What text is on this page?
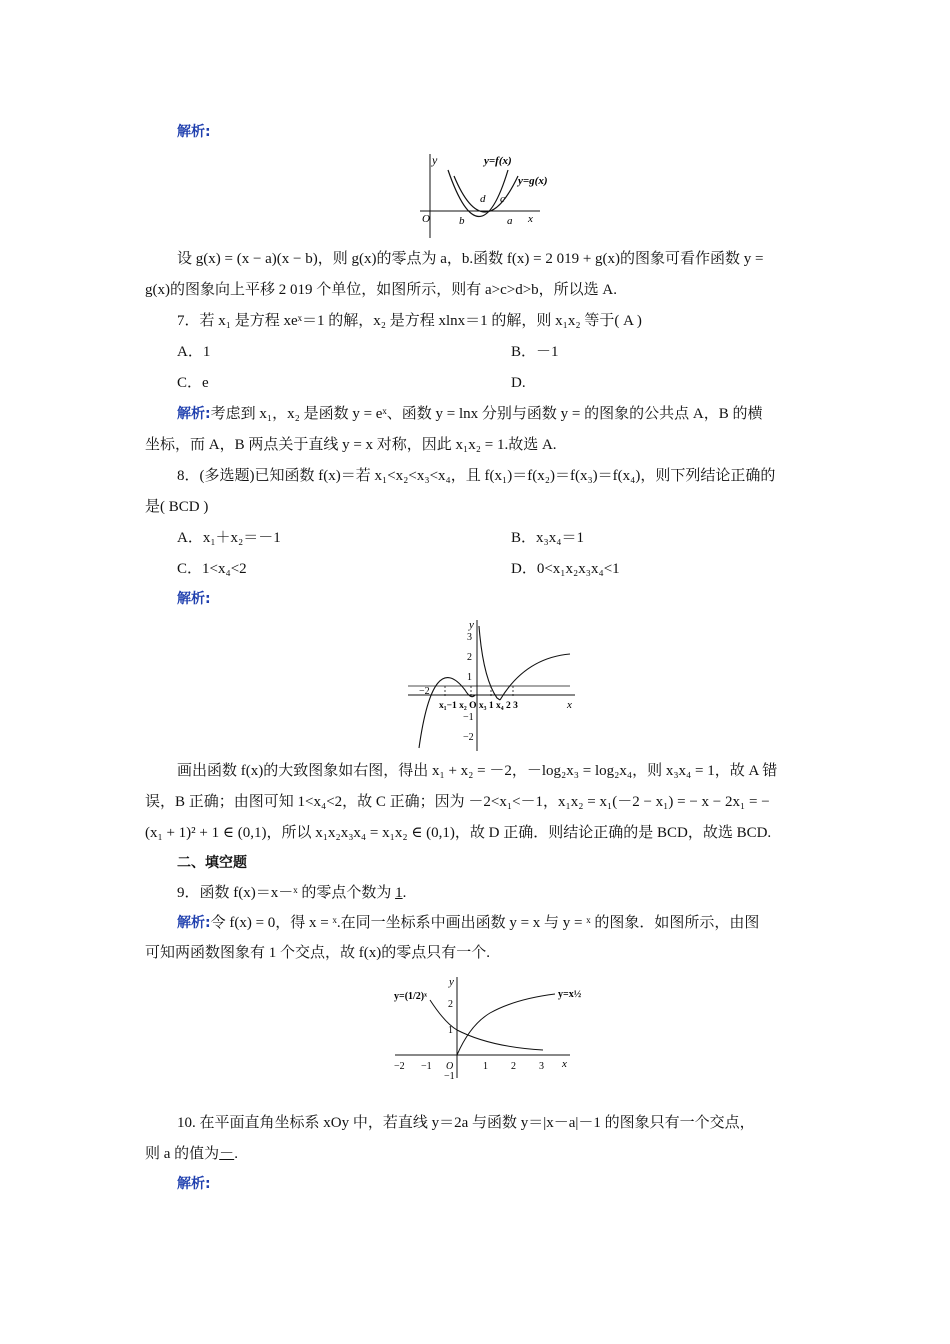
解析:
y	y=f(x)
y=g(x)
O	b
d c
a x
设 g(x) = (x − a)(x − b)，则 g(x)的零点为 a，b.函数 f(x) = 2 019 + g(x)的图象可看作函数 y =
g(x)的图象向上平移 2 019 个单位，如图所示，则有 a>c>d>b，所以选 A.
7．若 x₁ 是方程 xeˣ＝1 的解，x₂ 是方程 xlnx＝1 的解，则 x₁x₂ 等于( A )
A．1	B．－1
C．e	D.
解析:考虑到 x₁，x₂ 是函数 y = eˣ、函数 y = lnx 分别与函数 y = 的图象的公共点 A，B 的横
坐标，而 A，B 两点关于直线 y = x 对称，因此 x₁x₂ = 1.故选 A.
8．(多选题)已知函数 f(x)＝若 x₁<x₂<x₃<x₄，且 f(x₁)＝f(x₂)＝f(x₃)＝f(x₄)，则下列结论正确的
是( BCD )
A．x₁＋x₂＝－1	B．x₃x₄＝1
C．1<x₄<2	D．0<x₁x₂x₃x₄<1
解析:
y
3
2
1
−1
−2
−2
x₁−1 x₂ O x₃ 1 x₄ 2 3	x
画出函数 f(x)的大致图象如右图，得出 x₁ + x₂ = －2，－log₂x₃ = log₂x₄，则 x₃x₄ = 1，故 A 错
误，B 正确；由图可知 1<x₄<2，故 C 正确；因为 －2<x₁<－1，x₁x₂ = x₁(－2 − x₁) = − x − 2x₁ = −
(x₁ + 1)² + 1 ∈ (0,1)，所以 x₁x₂x₃x₄ = x₁x₂ ∈ (0,1)，故 D 正确．则结论正确的是 BCD，故选 BCD.
二、填空题
9．函数 f(x)＝x－ˣ 的零点个数为 1.
解析:令 f(x) = 0，得 x = ˣ.在同一坐标系中画出函数 y = x 与 y = ˣ 的图象．如图所示，由图
可知两函数图象有 1 个交点，故 f(x)的零点只有一个.
y=(1/2)ˣ	y=x½
y
2
1
−1
−2 −1 O	1 2 3 x
10. 在平面直角坐标系 xOy 中，若直线 y＝2a 与函数 y＝|x－a|－1 的图象只有一个交点，
则 a 的值为－.
解析:
